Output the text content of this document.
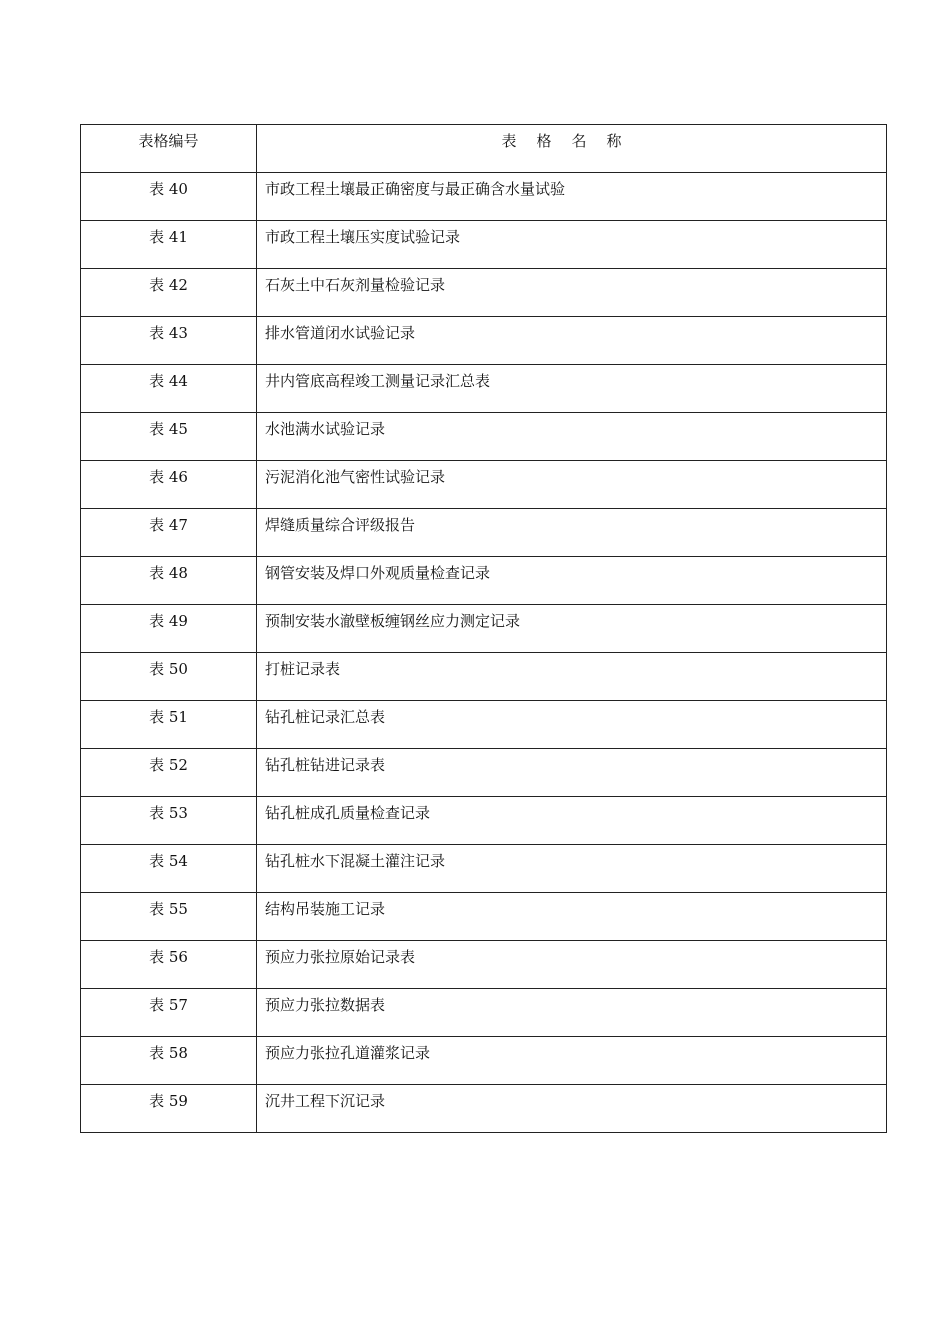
表格编号	表格名称
表 40	市政工程土壤最正确密度与最正确含水量试验
表 41	市政工程土壤压实度试验记录
表 42	石灰土中石灰剂量检验记录
表 43	排水管道闭水试验记录
表 44	井内管底高程竣工测量记录汇总表
表 45	水池满水试验记录
表 46	污泥消化池气密性试验记录
表 47	焊缝质量综合评级报告
表 48	钢管安装及焊口外观质量检查记录
表 49	预制安装水澈壁板缠钢丝应力测定记录
表 50	打桩记录表
表 51	钻孔桩记录汇总表
表 52	钻孔桩钻进记录表
表 53	钻孔桩成孔质量检查记录
表 54	钻孔桩水下混凝土灌注记录
表 55	结构吊装施工记录
表 56	预应力张拉原始记录表
表 57	预应力张拉数据表
表 58	预应力张拉孔道灌浆记录
表 59	沉井工程下沉记录
